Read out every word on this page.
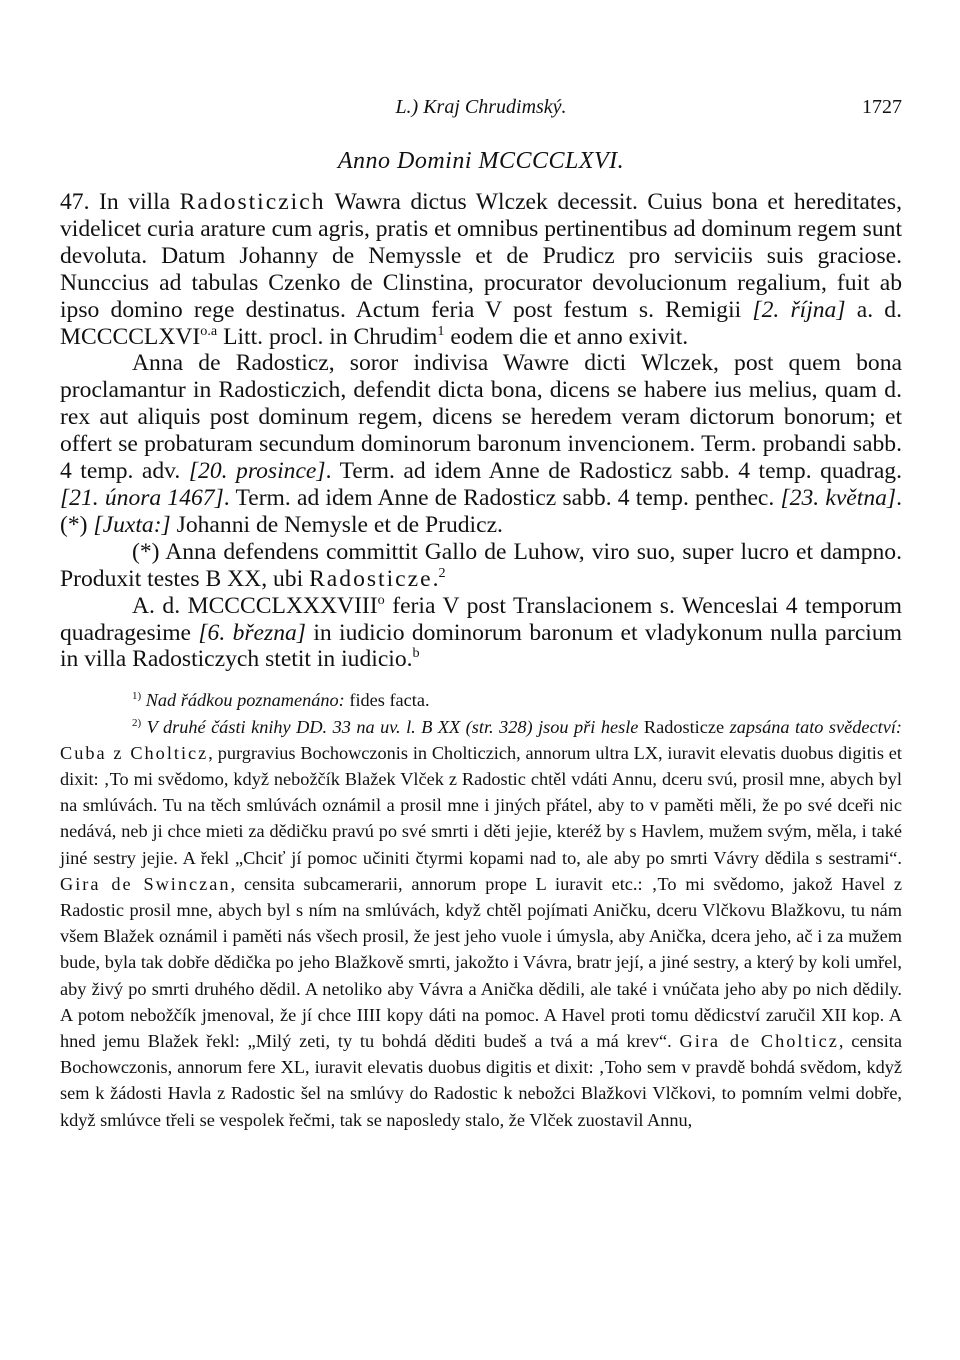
L.) Kraj Chrudimský.	1727
Anno Domini MCCCCLXVI.

47. In villa Radosticzich Wawra dictus Wlczek decessit. Cuius bona et hereditates, videlicet curia arature cum agris, pratis et omnibus pertinentibus ad dominum regem sunt devoluta. Datum Johanny de Nemyssle et de Prudicz pro serviciis suis graciose. Nunccius ad tabulas Czenko de Clinstina, procurator devolucionum regalium, fuit ab ipso domino rege destinatus. Actum feria V post festum s. Remigii [2. října] a. d. $MCCCCLXVI^{o.a}$ Litt. procl. in Chrudim$^1$ eodem die et anno exivit.

Anna de Radosticz, soror indivisa Wawre dicti Wlczek, post quem bona proclamantur in Radosticzich, defendit dicta bona, dicens se habere ius melius, quam d. rex aut aliquis post dominum regem, dicens se heredem veram dictorum bonorum; et offert se probaturam secundum dominorum baronum invencionem. Term. probandi sabb. 4 temp. adv. [20. prosince]. Term. ad idem Anne de Radosticz sabb. 4 temp. quadrag. [21. února 1467]. Term. ad idem Anne de Radosticz sabb. 4 temp. penthec. [23. května].(*) [Juxta:] Johanni de Nemysle et de Prudicz.

(*) Anna defendens committit Gallo de Luhow, viro suo, super lucro et dampno. Produxit testes B XX, ubi Radosticze.$^2$

A. d. MCCCCLXXXVIII$^o$ feria V post Translacionem s. Wenceslai 4 temporum quadragesime [6. března] in iudicio dominorum baronum et vladykonum nulla parcium in villa Radosticzych stetit in iudicio.$^b$

$^{1)}$ Nad řádkou poznamenáno: fides facta.

$^{2)}$ V druhé části knihy DD. 33 na uv. l. B XX (str. 328) jsou při hesle Radosticze zapsána tato svědectví: Cuba z Cholticz, purgravius Bochowczonis in Cholticzich, annorum ultra LX, iuravit elevatis duobus digitis et dixit: ‚To mi svědomo, když nebožčík Blažek Vlček z Radostic chtěl vdáti Annu, dceru svú, prosil mne, abych byl na smlúvách. Tu na těch smlúvách oznámil a prosil mne i jiných přátel, aby to v paměti měli, že po své dceři nic nedává, neb ji chce mieti za dědičku pravú po své smrti i děti jejie, kteréž by s Havlem, mužem svým, měla, i také jiné sestry jejie. A řekl „Chciť jí pomoc učiniti čtyrmi kopami nad to, ale aby po smrti Vávry dědila s sestrami“. Gira de Swinczan, censita subcamerarii, annorum prope L iuravit etc.: ‚To mi svědomo, jakož Havel z Radostic prosil mne, abych byl s ním na smlúvách, když chtěl pojímati Aničku, dceru Vlčkovu Blažkovu, tu nám všem Blažek oznámil i paměti nás všech prosil, že jest jeho vuole i úmysla, aby Anička, dcera jeho, ač i za mužem bude, byla tak dobře dědička po jeho Blažkově smrti, jakožto i Vávra, bratr její, a jiné sestry, a který by koli umřel, aby živý po smrti druhého dědil. A netoliko aby Vávra a Anička dědili, ale také i vnúčata jeho aby po nich dědily. A potom nebožčík jmenoval, že jí chce IIII kopy dáti na pomoc. A Havel proti tomu dědicství zaručil XII kop. A hned jemu Blažek řekl: „Milý zeti, ty tu bohdá děditi budeš a tvá a má krev“. Gira de Cholticz, censita Bochowczonis, annorum fere XL, iuravit elevatis duobus digitis et dixit: ‚Toho sem v pravdě bohdá svědom, když sem k žádosti Havla z Radostic šel na smlúvy do Radostic k nebožci Blažkovi Vlčkovi, to pomním velmi dobře, když smlúvce třeli se vespolek řečmi, tak se naposledy stalo, že Vlček zuostavil Annu,
